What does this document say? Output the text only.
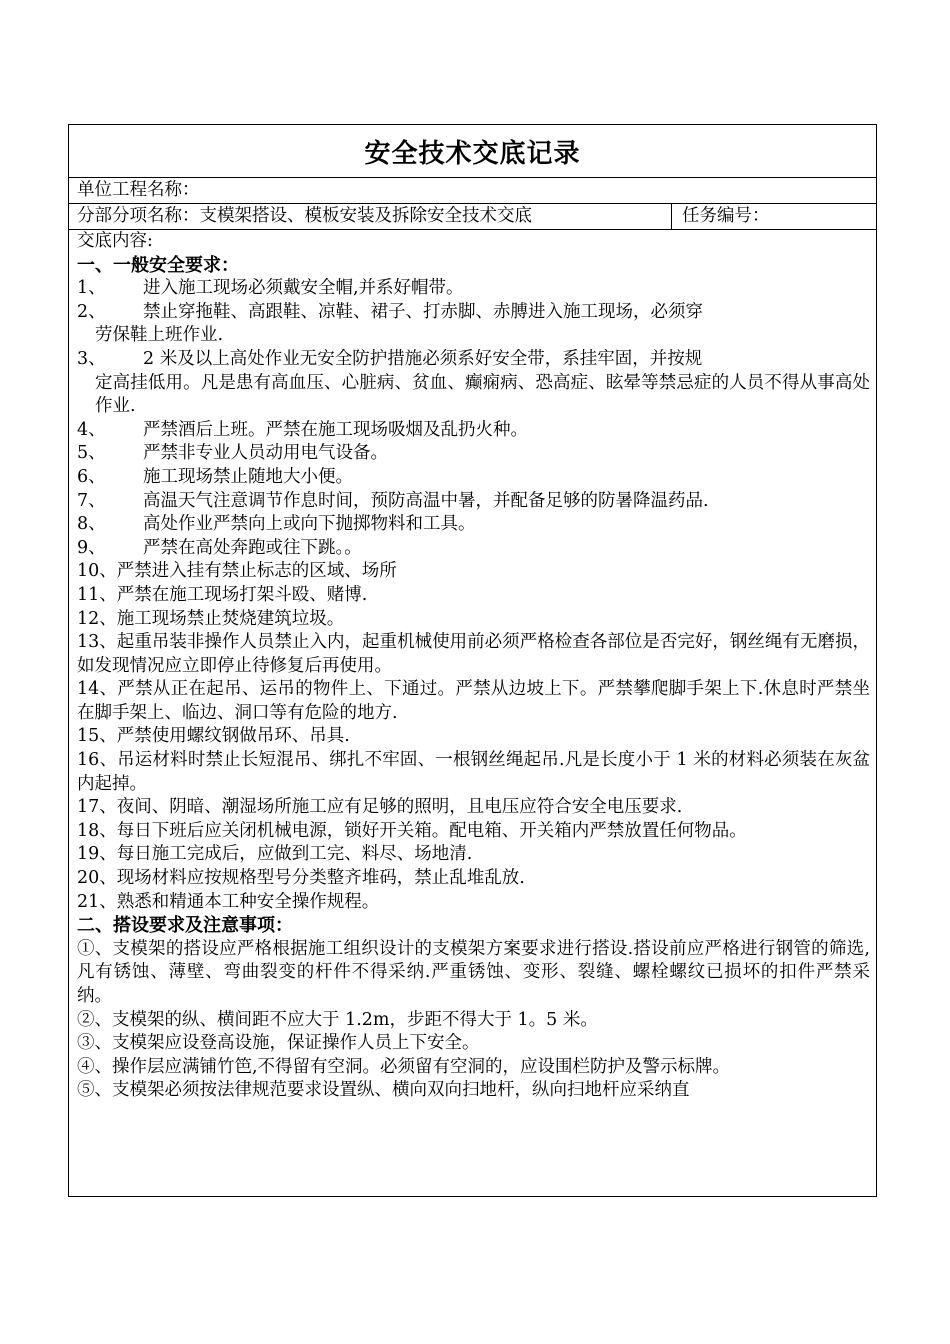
安全技术交底记录
单位工程名称：
分部分项名称：支模架搭设、模板安装及拆除安全技术交底	任务编号：
交底内容:
一、一般安全要求：
1、	进入施工现场必须戴安全帽,并系好帽带。
2、	禁止穿拖鞋、高跟鞋、凉鞋、裙子、打赤脚、赤膊进入施工现场，必须穿
劳保鞋上班作业.
3、	2 米及以上高处作业无安全防护措施必须系好安全带，系挂牢固，并按规
定高挂低用。凡是患有高血压、心脏病、贫血、癫痫病、恐高症、眩晕等禁忌症的人员不得从事高处作业.
4、	严禁酒后上班。严禁在施工现场吸烟及乱扔火种。
5、	严禁非专业人员动用电气设备。
6、	施工现场禁止随地大小便。
7、	高温天气注意调节作息时间，预防高温中暑，并配备足够的防暑降温药品.
8、	高处作业严禁向上或向下抛掷物料和工具。
9、	严禁在高处奔跑或往下跳。。
10、严禁进入挂有禁止标志的区域、场所
11、严禁在施工现场打架斗殴、赌博.
12、施工现场禁止焚烧建筑垃圾。
13、起重吊装非操作人员禁止入内，起重机械使用前必须严格检查各部位是否完好，钢丝绳有无磨损，如发现情况应立即停止待修复后再使用。
14、严禁从正在起吊、运吊的物件上、下通过。严禁从边坡上下。严禁攀爬脚手架上下.休息时严禁坐在脚手架上、临边、洞口等有危险的地方.
15、严禁使用螺纹钢做吊环、吊具.
16、吊运材料时禁止长短混吊、绑扎不牢固、一根钢丝绳起吊.凡是长度小于 1 米的材料必须装在灰盆内起掉。
17、夜间、阴暗、潮湿场所施工应有足够的照明，且电压应符合安全电压要求.
18、每日下班后应关闭机械电源，锁好开关箱。配电箱、开关箱内严禁放置任何物品。
19、每日施工完成后，应做到工完、料尽、场地清.
20、现场材料应按规格型号分类整齐堆码，禁止乱堆乱放.
21、熟悉和精通本工种安全操作规程。
二、搭设要求及注意事项：
①、支模架的搭设应严格根据施工组织设计的支模架方案要求进行搭设.搭设前应严格进行钢管的筛选,凡有锈蚀、薄壁、弯曲裂变的杆件不得采纳.严重锈蚀、变形、裂缝、螺栓螺纹已损坏的扣件严禁采纳。
②、支模架的纵、横间距不应大于 1.2m，步距不得大于 1。5 米。
③、支模架应设登高设施，保证操作人员上下安全。
④、操作层应满铺竹笆,不得留有空洞。必须留有空洞的，应设围栏防护及警示标牌。
⑤、支模架必须按法律规范要求设置纵、横向双向扫地杆，纵向扫地杆应采纳直
